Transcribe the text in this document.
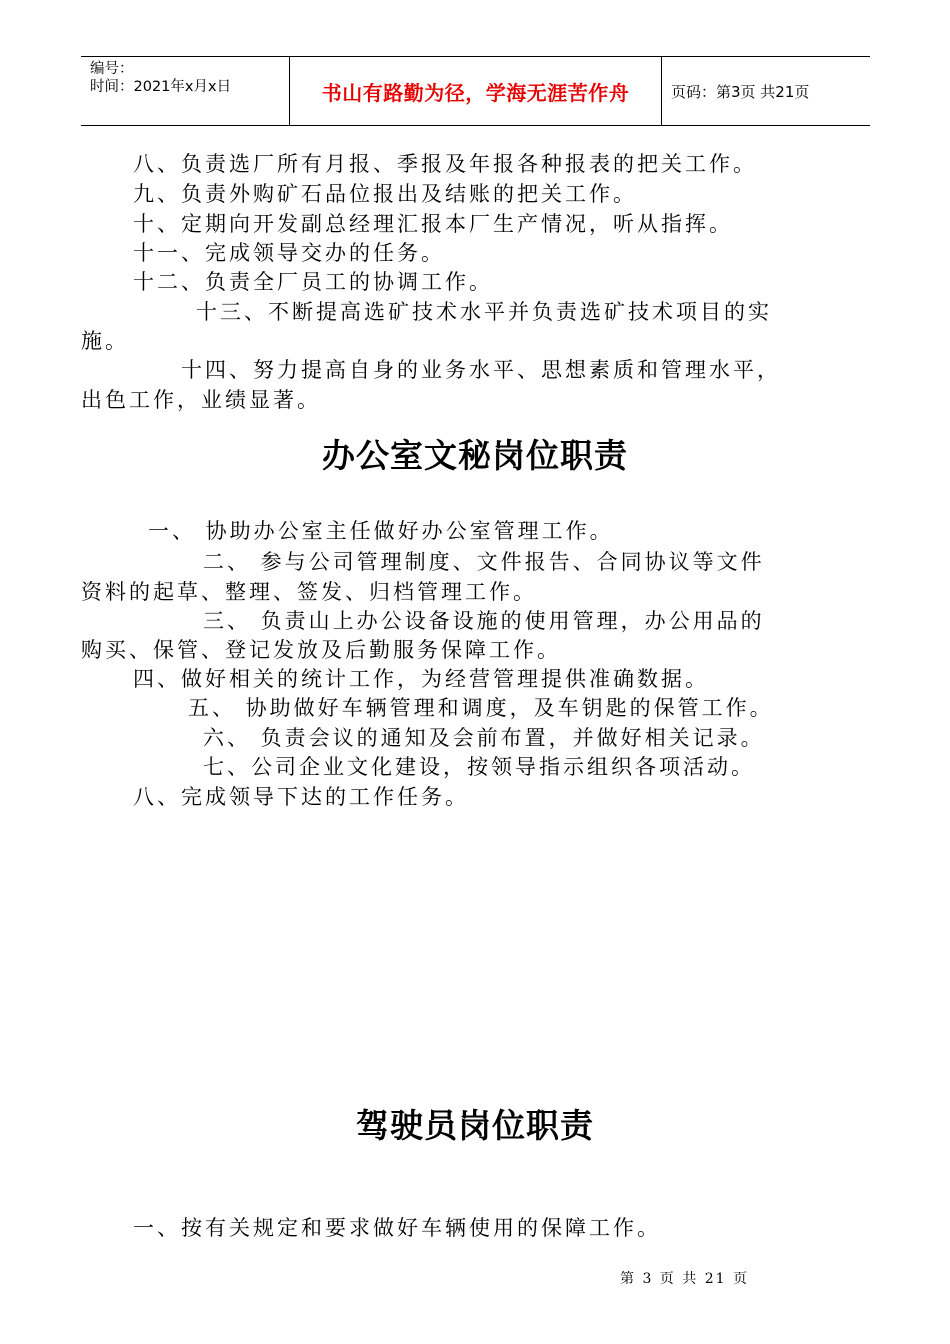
编号：
时间：2021年x月x日	书山有路勤为径，学海无涯苦作舟	页码：第3页 共21页
八、负责选厂所有月报、季报及年报各种报表的把关工作。
九、负责外购矿石品位报出及结账的把关工作。
十、定期向开发副总经理汇报本厂生产情况，听从指挥。
十一、完成领导交办的任务。
十二、负责全厂员工的协调工作。
十三、不断提高选矿技术水平并负责选矿技术项目的实
施。
十四、努力提高自身的业务水平、思想素质和管理水平，
出色工作，业绩显著。
办公室文秘岗位职责
一、 协助办公室主任做好办公室管理工作。
二、 参与公司管理制度、文件报告、合同协议等文件
资料的起草、整理、签发、归档管理工作。
三、 负责山上办公设备设施的使用管理，办公用品的
购买、保管、登记发放及后勤服务保障工作。
四、做好相关的统计工作，为经营管理提供准确数据。
五、 协助做好车辆管理和调度，及车钥匙的保管工作。
六、 负责会议的通知及会前布置，并做好相关记录。
七、公司企业文化建设，按领导指示组织各项活动。
八、完成领导下达的工作任务。
驾驶员岗位职责
一、按有关规定和要求做好车辆使用的保障工作。
第 3 页 共 21 页
